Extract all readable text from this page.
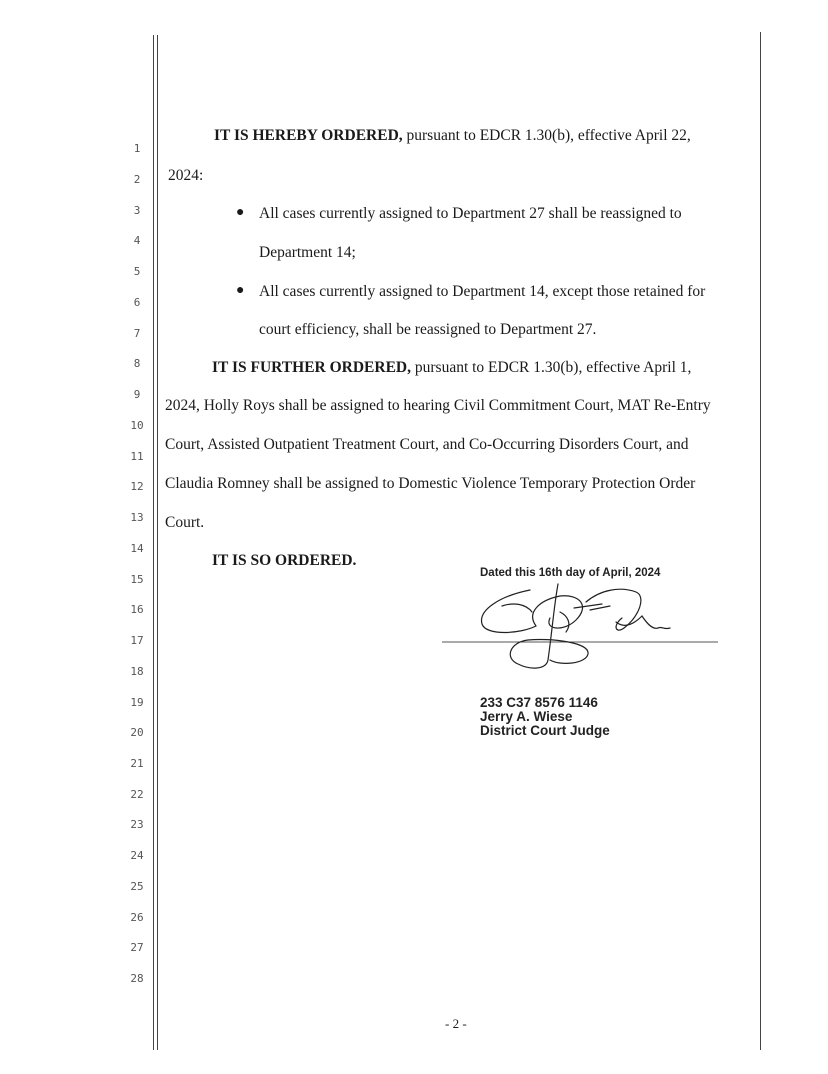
1
2
3
4
5
6
7
8
9
10
11
12
13
14
15
16
17
18
19
20
21
22
23
24
25
26
27
28
IT IS HEREBY ORDERED, pursuant to EDCR 1.30(b), effective April 22,
2024:
● All cases currently assigned to Department 27 shall be reassigned to
Department 14;
● All cases currently assigned to Department 14, except those retained for
court efficiency, shall be reassigned to Department 27.
IT IS FURTHER ORDERED, pursuant to EDCR 1.30(b), effective April 1,
2024, Holly Roys shall be assigned to hearing Civil Commitment Court, MAT Re-Entry
Court, Assisted Outpatient Treatment Court, and Co-Occurring Disorders Court, and
Claudia Romney shall be assigned to Domestic Violence Temporary Protection Order
Court.
IT IS SO ORDERED.
Dated this 16th day of April, 2024
233 C37 8576 1146
Jerry A. Wiese
District Court Judge
- 2 -
